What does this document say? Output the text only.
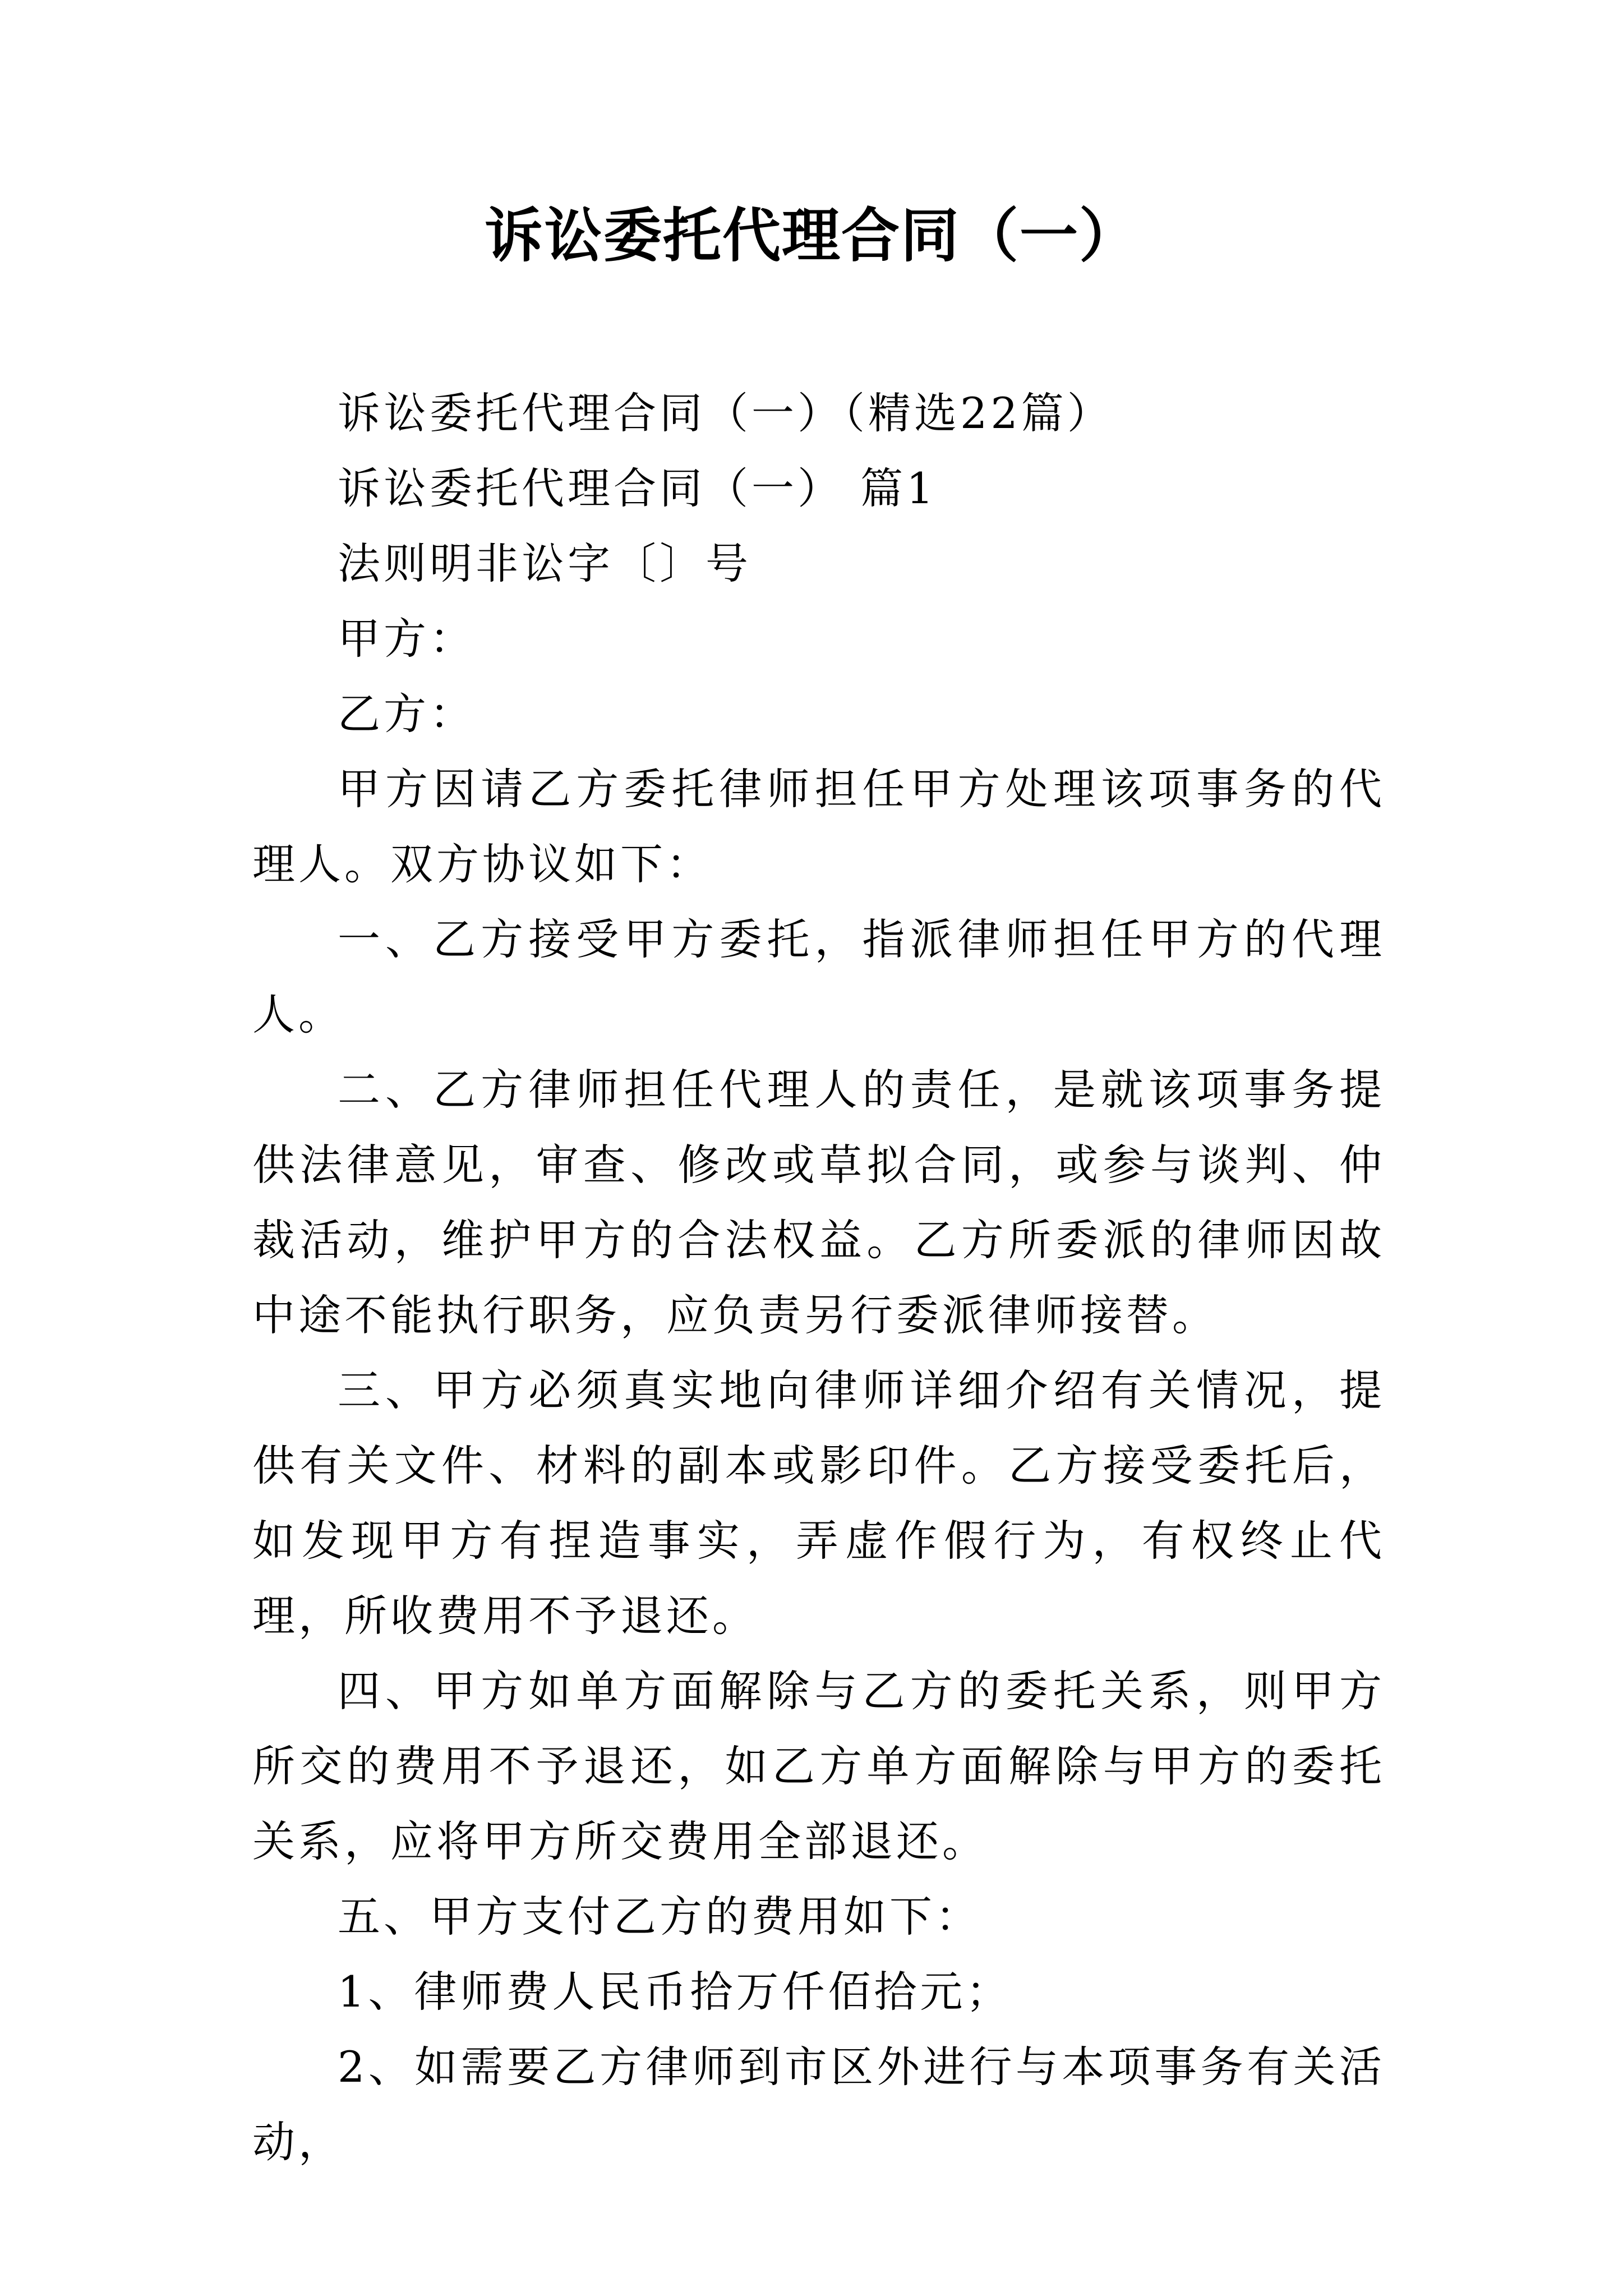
诉讼委托代理合同（一）

诉讼委托代理合同（一）（精选22篇）

诉讼委托代理合同（一） 篇1

法则明非讼字〔〕号

甲方：

乙方：

甲方因请乙方委托律师担任甲方处理该项事务的代理人。双方协议如下：

一、乙方接受甲方委托，指派律师担任甲方的代理人。

二、乙方律师担任代理人的责任，是就该项事务提供法律意见，审查、修改或草拟合同，或参与谈判、仲裁活动，维护甲方的合法权益。乙方所委派的律师因故中途不能执行职务，应负责另行委派律师接替。

三、甲方必须真实地向律师详细介绍有关情况，提供有关文件、材料的副本或影印件。乙方接受委托后，如发现甲方有捏造事实，弄虚作假行为，有权终止代理，所收费用不予退还。

四、甲方如单方面解除与乙方的委托关系，则甲方所交的费用不予退还，如乙方单方面解除与甲方的委托关系，应将甲方所交费用全部退还。

五、甲方支付乙方的费用如下：

1、律师费人民币拾万仟佰拾元；

2、如需要乙方律师到市区外进行与本项事务有关活动，
